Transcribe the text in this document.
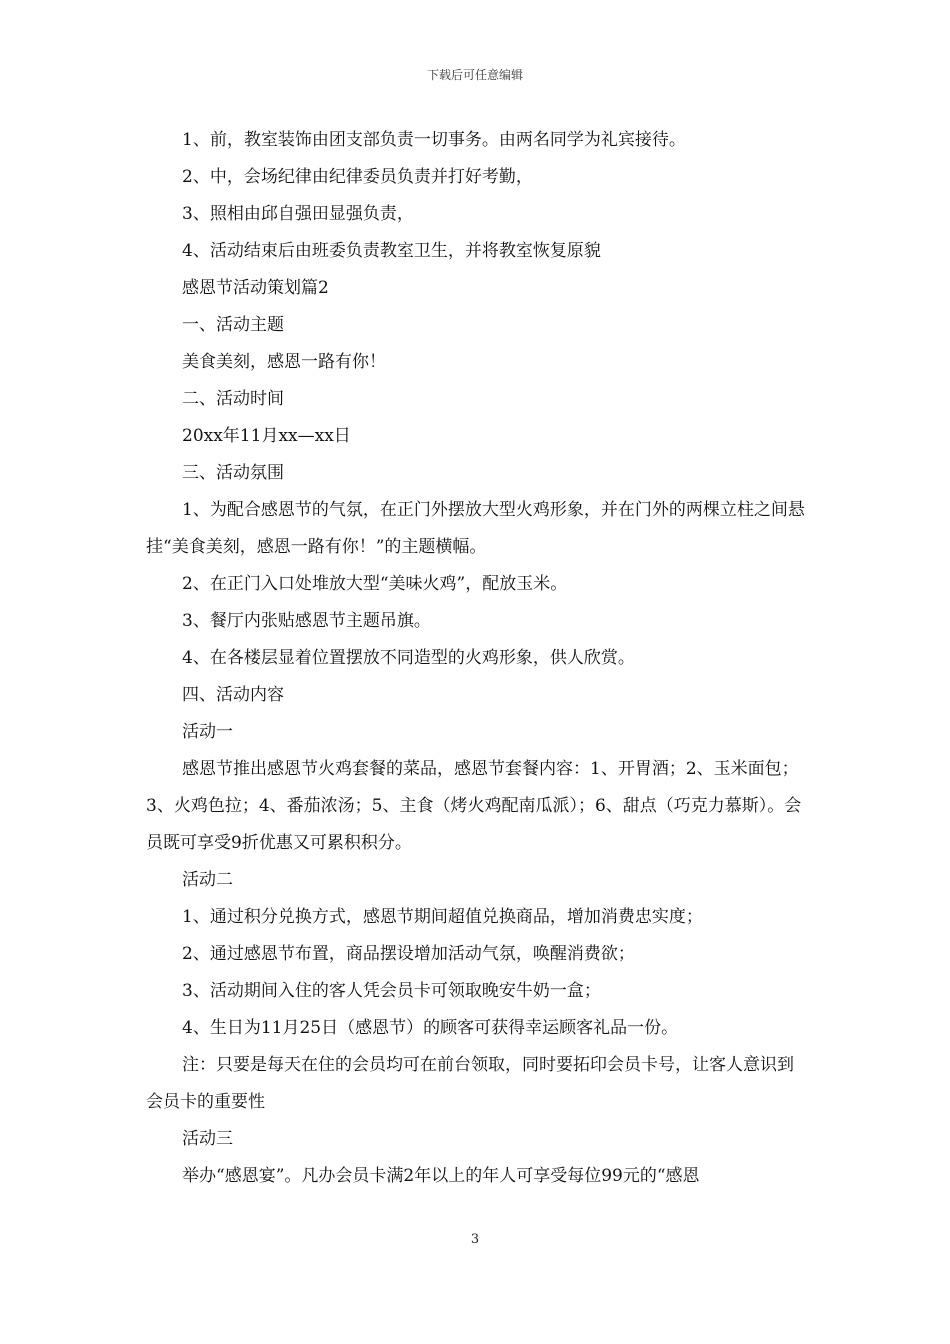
下载后可任意编辑

1、前，教室装饰由团支部负责一切事务。由两名同学为礼宾接待。

2、中，会场纪律由纪律委员负责并打好考勤，

3、照相由邱自强田显强负责，

4、活动结束后由班委负责教室卫生，并将教室恢复原貌

感恩节活动策划篇2

一、活动主题

美食美刻，感恩一路有你！

二、活动时间

20xx年11月xx—xx日

三、活动氛围

1、为配合感恩节的气氛，在正门外摆放大型火鸡形象，并在门外的两棵立柱之间悬挂“美食美刻，感恩一路有你！”的主题横幅。

2、在正门入口处堆放大型“美味火鸡”，配放玉米。

3、餐厅内张贴感恩节主题吊旗。

4、在各楼层显着位置摆放不同造型的火鸡形象，供人欣赏。

四、活动内容

活动一

感恩节推出感恩节火鸡套餐的菜品，感恩节套餐内容：1、开胃酒；2、玉米面包；3、火鸡色拉；4、番茄浓汤；5、主食（烤火鸡配南瓜派）；6、甜点（巧克力慕斯）。会员既可享受9折优惠又可累积积分。

活动二

1、通过积分兑换方式，感恩节期间超值兑换商品，增加消费忠实度；

2、通过感恩节布置，商品摆设增加活动气氛，唤醒消费欲；

3、活动期间入住的客人凭会员卡可领取晚安牛奶一盒；

4、生日为11月25日（感恩节）的顾客可获得幸运顾客礼品一份。

注：只要是每天在住的会员均可在前台领取，同时要拓印会员卡号，让客人意识到会员卡的重要性

活动三

举办“感恩宴”。凡办会员卡满2年以上的年人可享受每位99元的“感恩

3
